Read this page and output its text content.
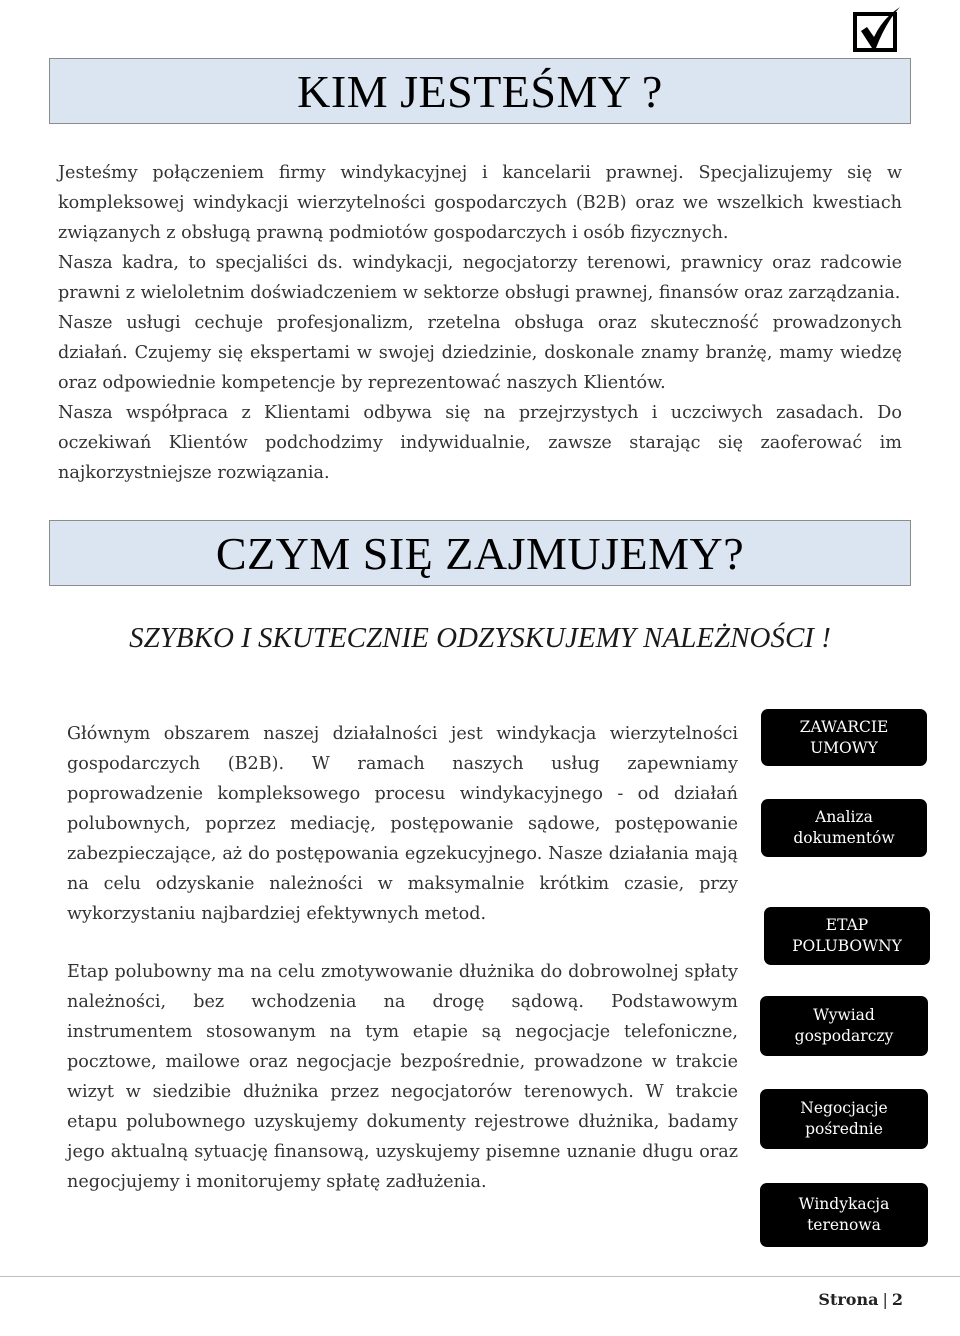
KIM JESTEŚMY ?

Jesteśmy połączeniem firmy windykacyjnej i kancelarii prawnej. Specjalizujemy się w kompleksowej windykacji wierzytelności gospodarczych (B2B) oraz we wszelkich kwestiach związanych z obsługą prawną podmiotów gospodarczych i osób fizycznych.

Nasza kadra, to specjaliści ds. windykacji, negocjatorzy terenowi, prawnicy oraz radcowie prawni z wieloletnim doświadczeniem w sektorze obsługi prawnej, finansów oraz zarządzania.

Nasze usługi cechuje profesjonalizm, rzetelna obsługa oraz skuteczność prowadzonych działań. Czujemy się ekspertami w swojej dziedzinie, doskonale znamy branżę, mamy wiedzę oraz odpowiednie kompetencje by reprezentować naszych Klientów.

Nasza współpraca z Klientami odbywa się na przejrzystych i uczciwych zasadach. Do oczekiwań Klientów podchodzimy indywidualnie, zawsze starając się zaoferować im najkorzystniejsze rozwiązania.

CZYM SIĘ ZAJMUJEMY?

SZYBKO I SKUTECZNIE ODZYSKUJEMY NALEŻNOŚCI !

Głównym obszarem naszej działalności jest windykacja wierzytelności gospodarczych (B2B). W ramach naszych usług zapewniamy poprowadzenie kompleksowego procesu windykacyjnego - od działań polubownych, poprzez mediację, postępowanie sądowe, postępowanie zabezpieczające, aż do postępowania egzekucyjnego. Nasze działania mają na celu odzyskanie należności w maksymalnie krótkim czasie, przy wykorzystaniu najbardziej efektywnych metod.

Etap polubowny ma na celu zmotywowanie dłużnika do dobrowolnej spłaty należności, bez wchodzenia na drogę sądową. Podstawowym instrumentem stosowanym na tym etapie są negocjacje telefoniczne, pocztowe, mailowe oraz negocjacje bezpośrednie, prowadzone w trakcie wizyt w siedzibie dłużnika przez negocjatorów terenowych. W trakcie etapu polubownego uzyskujemy dokumenty rejestrowe dłużnika, badamy jego aktualną sytuację finansową, uzyskujemy pisemne uznanie długu oraz negocjujemy i monitorujemy spłatę zadłużenia.

ZAWARCIE
UMOWY
Analiza
dokumentów
ETAP
POLUBOWNY
Wywiad
gospodarczy
Negocjacje
pośrednie
Windykacja
terenowa
Strona | 2
